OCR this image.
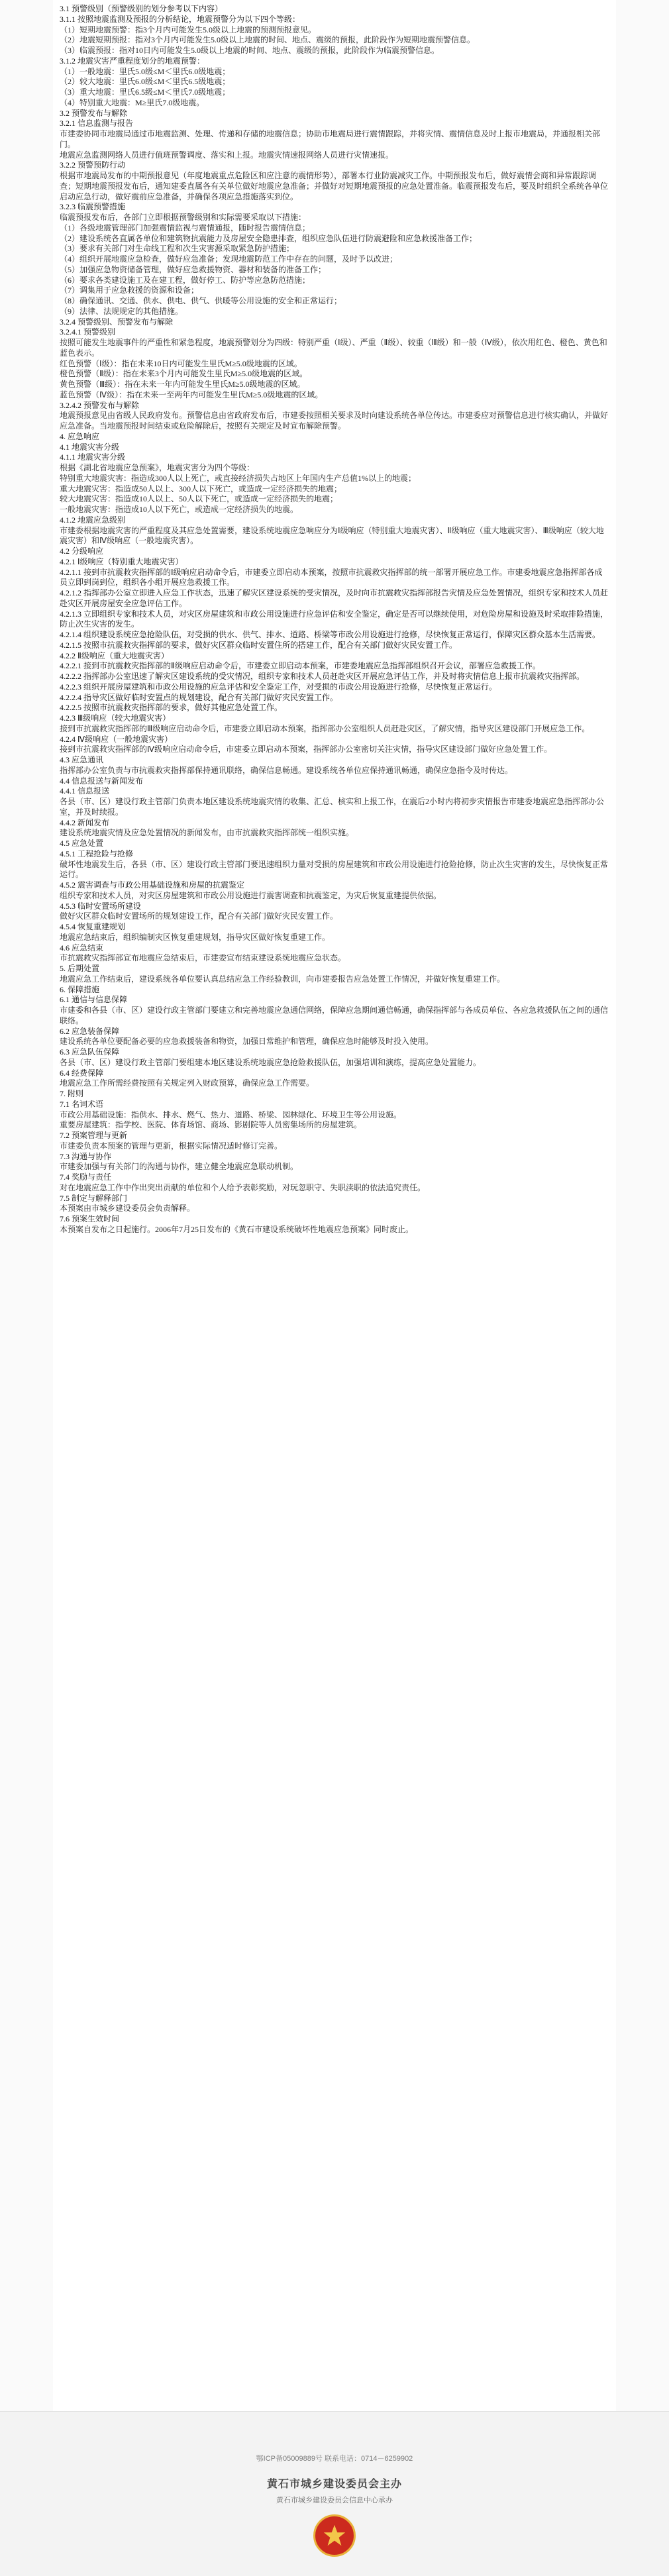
3.1 预警级别（预警级别的划分参考以下内容）

3.1.1 按照地震监测及预报的分析结论，地震预警分为以下四个等级：

（1）短期地震预警：指3个月内可能发生5.0级以上地震的预测预报意见。

（2）地震短期预报：指对3个月内可能发生5.0级以上地震的时间、地点、震级的预报，此阶段作为短期地震预警信息。

（3）临震预报：指对10日内可能发生5.0级以上地震的时间、地点、震级的预报，此阶段作为临震预警信息。

3.1.2 地震灾害严重程度划分的地震预警：

（1）一般地震：里氏5.0级≤M＜里氏6.0级地震；

（2）较大地震：里氏6.0级≤M＜里氏6.5级地震；

（3）重大地震：里氏6.5级≤M＜里氏7.0级地震；

（4）特别重大地震：M≥里氏7.0级地震。

3.2 预警发布与解除

3.2.1 信息监测与报告

市建委协同市地震局通过市地震监测、处理、传递和存储的地震信息；协助市地震局进行震情跟踪，并将灾情、震情信息及时上报市地震局，并通报相关部门。

地震应急监测网络人员进行值班预警调度、落实和上报。地震灾情速报网络人员进行灾情速报。

3.2.2 预警预防行动

根据市地震局发布的中期预报意见（年度地震重点危险区和应注意的震情形势），部署本行业防震减灾工作。中期预报发布后，做好震情会商和异常跟踪调查；短期地震预报发布后，通知建委直属各有关单位做好地震应急准备；并做好对短期地震预报的应急处置准备。临震预报发布后，要及时组织全系统各单位启动应急行动，做好震前应急准备，并确保各项应急措施落实到位。

3.2.3 临震预警措施

临震预报发布后，各部门立即根据预警级别和实际需要采取以下措施：

（1）各级地震管理部门加强震情监视与震情通报，随时报告震情信息；

（2）建设系统各直属各单位和建筑物抗震能力及房屋安全隐患排查，组织应急队伍进行防震避险和应急救援准备工作；

（3）要求有关部门对生命线工程和次生灾害源采取紧急防护措施；

（4）组织开展地震应急检查，做好应急准备；发现地震防范工作中存在的问题，及时予以改进；

（5）加强应急物资储备管理，做好应急救援物资、器材和装备的准备工作；

（6）要求各类建设施工及在建工程，做好停工、防护等应急防范措施；

（7）调集用于应急救援的资源和设备；

（8）确保通讯、交通、供水、供电、供气、供暖等公用设施的安全和正常运行；

（9）法律、法规规定的其他措施。

3.2.4 预警级别、预警发布与解除

3.2.4.1 预警级别

按照可能发生地震事件的严重性和紧急程度，地震预警划分为四级：特别严重（Ⅰ级）、严重（Ⅱ级）、较重（Ⅲ级）和一般（Ⅳ级），依次用红色、橙色、黄色和蓝色表示。

红色预警（Ⅰ级）：指在未来10日内可能发生里氏M≥5.0级地震的区域。

橙色预警（Ⅱ级）：指在未来3个月内可能发生里氏M≥5.0级地震的区域。

黄色预警（Ⅲ级）：指在未来一年内可能发生里氏M≥5.0级地震的区域。

蓝色预警（Ⅳ级）：指在未来一至两年内可能发生里氏M≥5.0级地震的区域。

3.2.4.2 预警发布与解除

地震预报意见由省级人民政府发布。预警信息由省政府发布后，市建委按照相关要求及时向建设系统各单位传达。市建委应对预警信息进行核实确认，并做好应急准备。当地震预报时间结束或危险解除后，按照有关规定及时宣布解除预警。

4. 应急响应

4.1 地震灾害分级

4.1.1 地震灾害分级

根据《湖北省地震应急预案》，地震灾害分为四个等级：

特别重大地震灾害：指造成300人以上死亡，或直接经济损失占地区上年国内生产总值1%以上的地震；

重大地震灾害：指造成50人以上、300人以下死亡，或造成一定经济损失的地震；

较大地震灾害：指造成10人以上、50人以下死亡，或造成一定经济损失的地震；

一般地震灾害：指造成10人以下死亡，或造成一定经济损失的地震。

4.1.2 地震应急级别

市建委根据地震灾害的严重程度及其应急处置需要，建设系统地震应急响应分为Ⅰ级响应（特别重大地震灾害）、Ⅱ级响应（重大地震灾害）、Ⅲ级响应（较大地震灾害）和Ⅳ级响应（一般地震灾害）。

4.2 分级响应

4.2.1 Ⅰ级响应（特别重大地震灾害）

4.2.1.1 接到市抗震救灾指挥部的Ⅰ级响应启动命令后，市建委立即启动本预案，按照市抗震救灾指挥部的统一部署开展应急工作。市建委地震应急指挥部各成员立即到岗到位，组织各小组开展应急救援工作。

4.2.1.2 指挥部办公室立即进入应急工作状态，迅速了解灾区建设系统的受灾情况，及时向市抗震救灾指挥部报告灾情及应急处置情况，组织专家和技术人员赶赴灾区开展房屋安全应急评估工作。

4.2.1.3 立即组织专家和技术人员，对灾区房屋建筑和市政公用设施进行应急评估和安全鉴定，确定是否可以继续使用，对危险房屋和设施及时采取排险措施，防止次生灾害的发生。

4.2.1.4 组织建设系统应急抢险队伍，对受损的供水、供气、排水、道路、桥梁等市政公用设施进行抢修，尽快恢复正常运行，保障灾区群众基本生活需要。

4.2.1.5 按照市抗震救灾指挥部的要求，做好灾区群众临时安置住所的搭建工作，配合有关部门做好灾民安置工作。

4.2.2 Ⅱ级响应（重大地震灾害）

4.2.2.1 接到市抗震救灾指挥部的Ⅱ级响应启动命令后，市建委立即启动本预案，市建委地震应急指挥部组织召开会议，部署应急救援工作。

4.2.2.2 指挥部办公室迅速了解灾区建设系统的受灾情况，组织专家和技术人员赶赴灾区开展应急评估工作，并及时将灾情信息上报市抗震救灾指挥部。

4.2.2.3 组织开展房屋建筑和市政公用设施的应急评估和安全鉴定工作，对受损的市政公用设施进行抢修，尽快恢复正常运行。

4.2.2.4 指导灾区做好临时安置点的规划建设，配合有关部门做好灾民安置工作。

4.2.2.5 按照市抗震救灾指挥部的要求，做好其他应急处置工作。

4.2.3 Ⅲ级响应（较大地震灾害）

接到市抗震救灾指挥部的Ⅲ级响应启动命令后，市建委立即启动本预案，指挥部办公室组织人员赶赴灾区，了解灾情，指导灾区建设部门开展应急工作。

4.2.4 Ⅳ级响应（一般地震灾害）

接到市抗震救灾指挥部的Ⅳ级响应启动命令后，市建委立即启动本预案，指挥部办公室密切关注灾情，指导灾区建设部门做好应急处置工作。

4.3 应急通讯

指挥部办公室负责与市抗震救灾指挥部保持通讯联络，确保信息畅通。建设系统各单位应保持通讯畅通，确保应急指令及时传达。

4.4 信息报送与新闻发布

4.4.1 信息报送

各县（市、区）建设行政主管部门负责本地区建设系统地震灾情的收集、汇总、核实和上报工作，在震后2小时内将初步灾情报告市建委地震应急指挥部办公室，并及时续报。

4.4.2 新闻发布

建设系统地震灾情及应急处置情况的新闻发布，由市抗震救灾指挥部统一组织实施。

4.5 应急处置

4.5.1 工程抢险与抢修

破坏性地震发生后，各县（市、区）建设行政主管部门要迅速组织力量对受损的房屋建筑和市政公用设施进行抢险抢修，防止次生灾害的发生，尽快恢复正常运行。

4.5.2 震害调查与市政公用基础设施和房屋的抗震鉴定

组织专家和技术人员，对灾区房屋建筑和市政公用设施进行震害调查和抗震鉴定，为灾后恢复重建提供依据。

4.5.3 临时安置场所建设

做好灾区群众临时安置场所的规划建设工作，配合有关部门做好灾民安置工作。

4.5.4 恢复重建规划

地震应急结束后，组织编制灾区恢复重建规划，指导灾区做好恢复重建工作。

4.6 应急结束

市抗震救灾指挥部宣布地震应急结束后，市建委宣布结束建设系统地震应急状态。

5. 后期处置

地震应急工作结束后，建设系统各单位要认真总结应急工作经验教训，向市建委报告应急处置工作情况，并做好恢复重建工作。

6. 保障措施

6.1 通信与信息保障

市建委和各县（市、区）建设行政主管部门要建立和完善地震应急通信网络，保障应急期间通信畅通，确保指挥部与各成员单位、各应急救援队伍之间的通信联络。

6.2 应急装备保障

建设系统各单位要配备必要的应急救援装备和物资，加强日常维护和管理，确保应急时能够及时投入使用。

6.3 应急队伍保障

各县（市、区）建设行政主管部门要组建本地区建设系统地震应急抢险救援队伍，加强培训和演练，提高应急处置能力。

6.4 经费保障

地震应急工作所需经费按照有关规定列入财政预算，确保应急工作需要。

7. 附则

7.1 名词术语

市政公用基础设施：指供水、排水、燃气、热力、道路、桥梁、园林绿化、环境卫生等公用设施。

重要房屋建筑：指学校、医院、体育场馆、商场、影剧院等人员密集场所的房屋建筑。

7.2 预案管理与更新

市建委负责本预案的管理与更新，根据实际情况适时修订完善。

7.3 沟通与协作

市建委加强与有关部门的沟通与协作，建立健全地震应急联动机制。

7.4 奖励与责任

对在地震应急工作中作出突出贡献的单位和个人给予表彰奖励，对玩忽职守、失职渎职的依法追究责任。

7.5 制定与解释部门

本预案由市城乡建设委员会负责解释。

7.6 预案生效时间

本预案自发布之日起施行。2006年7月25日发布的《黄石市建设系统破坏性地震应急预案》同时废止。

鄂ICP备05009889号 联系电话：0714－6259902
黄石市城乡建设委员会主办
黄石市城乡建设委员会信息中心承办
